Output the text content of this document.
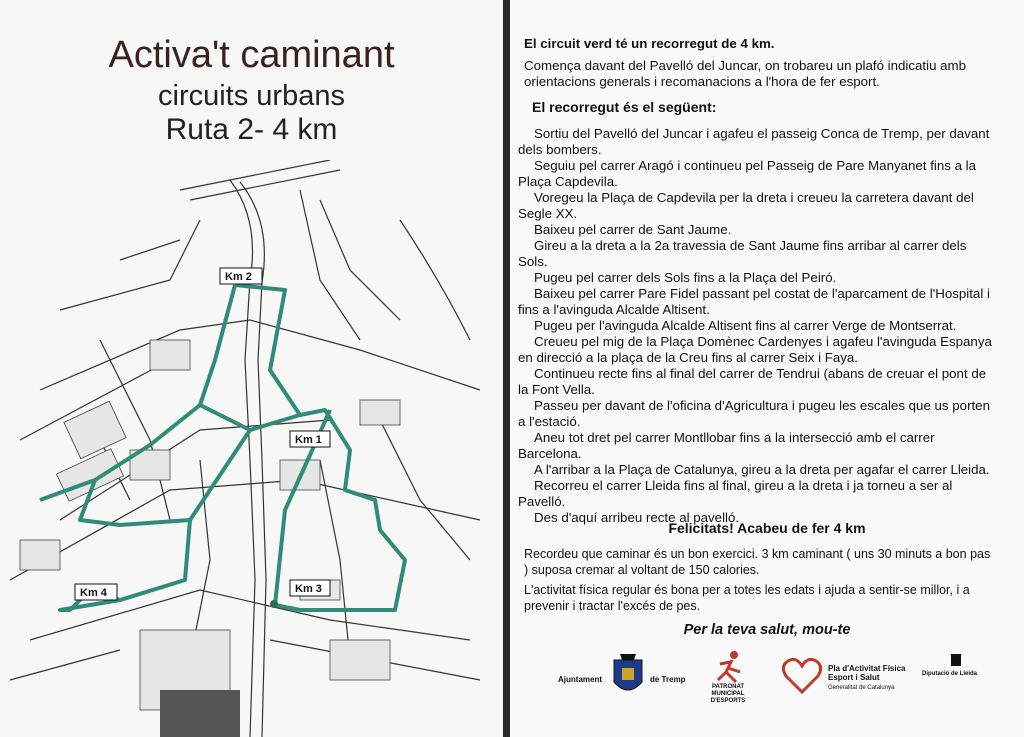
Activa't caminant
circuits urbans
Ruta 2- 4 km
Km 2
Km 1
Km 3
Km 4
El circuit verd té un recorregut de 4 km.
Comença davant del Pavelló del Juncar, on trobareu un plafó indicatiu amb orientacions generals i recomanacions a l'hora de fer esport.
El recorregut és el següent:

Sortiu del Pavelló del Juncar i agafeu el passeig Conca de Tremp, per davant dels bombers.

Seguiu pel carrer Aragó i continueu pel Passeig de Pare Manyanet fins a la Plaça Capdevila.

Voregeu la Plaça de Capdevila per la dreta i creueu la carretera davant del Segle XX.

Baixeu pel carrer de Sant Jaume.

Gireu a la dreta a la 2a travessia de Sant Jaume fins arribar al carrer dels Sols.

Pugeu pel carrer dels Sols fins a la Plaça del Peiró.

Baixeu pel carrer Pare Fidel passant pel costat de l'aparcament de l'Hospital i fins a l'avinguda Alcalde Altisent.

Pugeu per l'avinguda Alcalde Altisent fins al carrer Verge de Montserrat.

Creueu pel mig de la Plaça Domènec Cardenyes i agafeu l'avinguda Espanya en direcció a la plaça de la Creu fins al carrer Seix i Faya.

Continueu recte fins al final del carrer de Tendrui (abans de creuar el pont de la Font Vella.

Passeu per davant de l'oficina d'Agricultura i pugeu les escales que us porten a l'estació.

Aneu tot dret pel carrer Montllobar fins a la intersecció amb el carrer Barcelona.

A l'arribar a la Plaça de Catalunya, gireu a la dreta per agafar el carrer Lleida.

Recorreu el carrer Lleida fins al final, gireu a la dreta i ja torneu a ser al Pavelló.

Des d'aquí arribeu recte al pavelló.

Felicitats! Acabeu de fer 4 km
Recordeu que caminar és un bon exercici. 3 km caminant ( uns 30 minuts a bon pas ) suposa cremar al voltant de 150 calories.
L'activitat física regular és bona per a totes les edats i ajuda a sentir-se millor, i a prevenir i tractar l'excés de pes.
Per la teva salut, mou-te
Ajuntament	de Tremp
PATRONAT MUNICIPAL D'ESPORTS
Pla d'Activitat Física Esport i Salut
Generalitat de Catalunya
Diputació de Lleida
